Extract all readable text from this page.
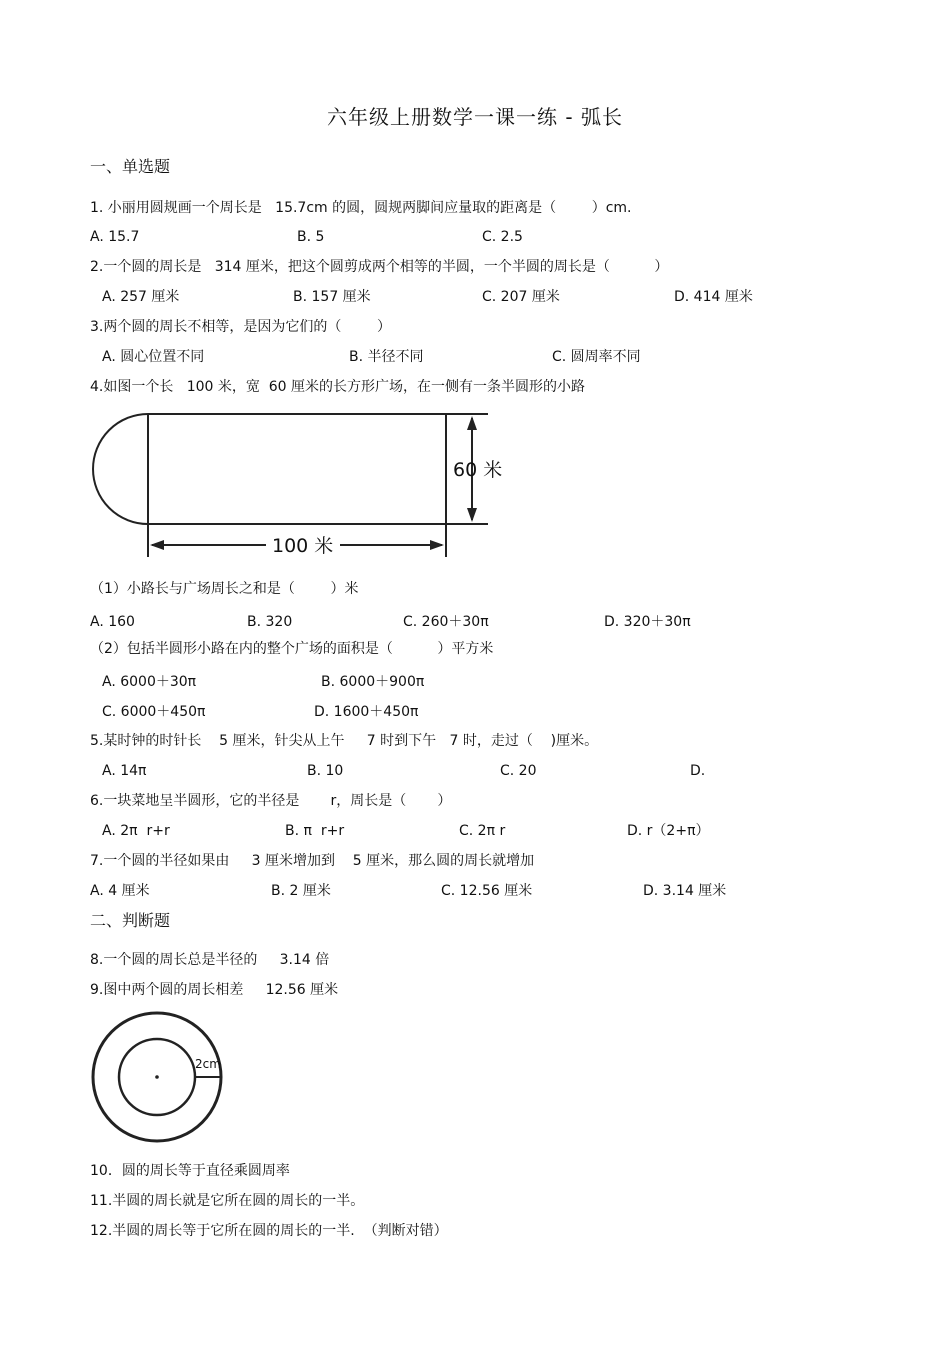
六年级上册数学一课一练 - 弧长
一、单选题
1. 小丽用圆规画一个周长是   15.7cm 的圆，圆规两脚间应量取的距离是（        ）cm.
A. 15.7	B. 5	C. 2.5
2.一个圆的周长是   314 厘米，把这个圆剪成两个相等的半圆，一个半圆的周长是（          ）
A. 257 厘米	B. 157 厘米	C. 207 厘米	D. 414 厘米
3.两个圆的周长不相等，是因为它们的（        ）
A. 圆心位置不同	B. 半径不同	C. 圆周率不同
4.如图一个长   100 米，宽  60 厘米的长方形广场，在一侧有一条半圆形的小路
60 米
100 米
（1）小路长与广场周长之和是（        ）米
A. 160	B. 320	C. 260＋30π	D. 320＋30π
（2）包括半圆形小路在内的整个广场的面积是（          ）平方米
A. 6000＋30π	B. 6000＋900π
C. 6000＋450π	D. 1600＋450π
5.某时钟的时针长    5 厘米，针尖从上午     7 时到下午   7 时，走过（    )厘米。
A. 14π	B. 10	C. 20	D.
6.一块菜地呈半圆形，它的半径是       r，周长是（       ）
A. 2π  r+r	B. π  r+r	C. 2π r	D. r（2+π）
7.一个圆的半径如果由     3 厘米增加到    5 厘米，那么圆的周长就增加
A. 4 厘米	B. 2 厘米	C. 12.56 厘米	D. 3.14 厘米
二、判断题
8.一个圆的周长总是半径的     3.14 倍
9.图中两个圆的周长相差     12.56 厘米
2cm
10．圆的周长等于直径乘圆周率
11.半圆的周长就是它所在圆的周长的一半。
12.半圆的周长等于它所在圆的周长的一半.  （判断对错）
